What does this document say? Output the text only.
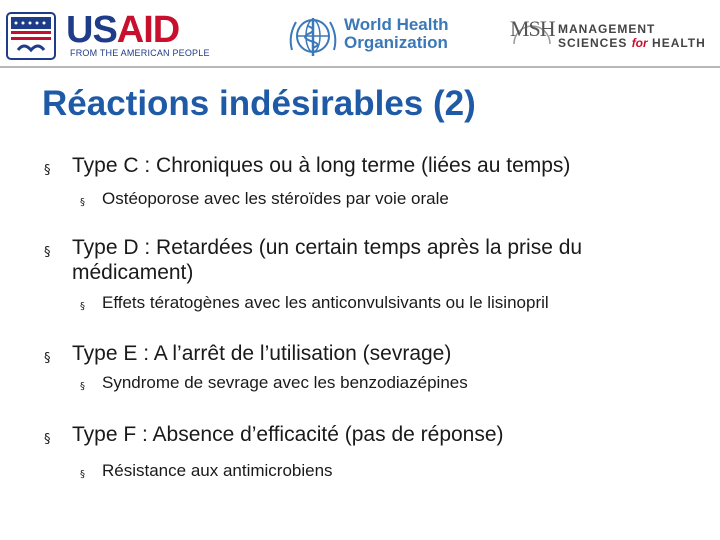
USAID
FROM THE AMERICAN PEOPLE
World Health
Organization
MSH MANAGEMENT
SCIENCES for HEALTH
Réactions indésirables (2)
§ Type C : Chroniques ou à long terme (liées au temps)
§ Ostéoporose avec les stéroïdes par voie orale
§ Type D : Retardées (un certain temps après la prise du médicament)
§ Effets tératogènes avec les anticonvulsivants ou le lisinopril
§ Type E : A l’arrêt de l’utilisation (sevrage)
§ Syndrome de sevrage avec les benzodiazépines
§ Type F : Absence d’efficacité (pas de réponse)
§ Résistance aux antimicrobiens
